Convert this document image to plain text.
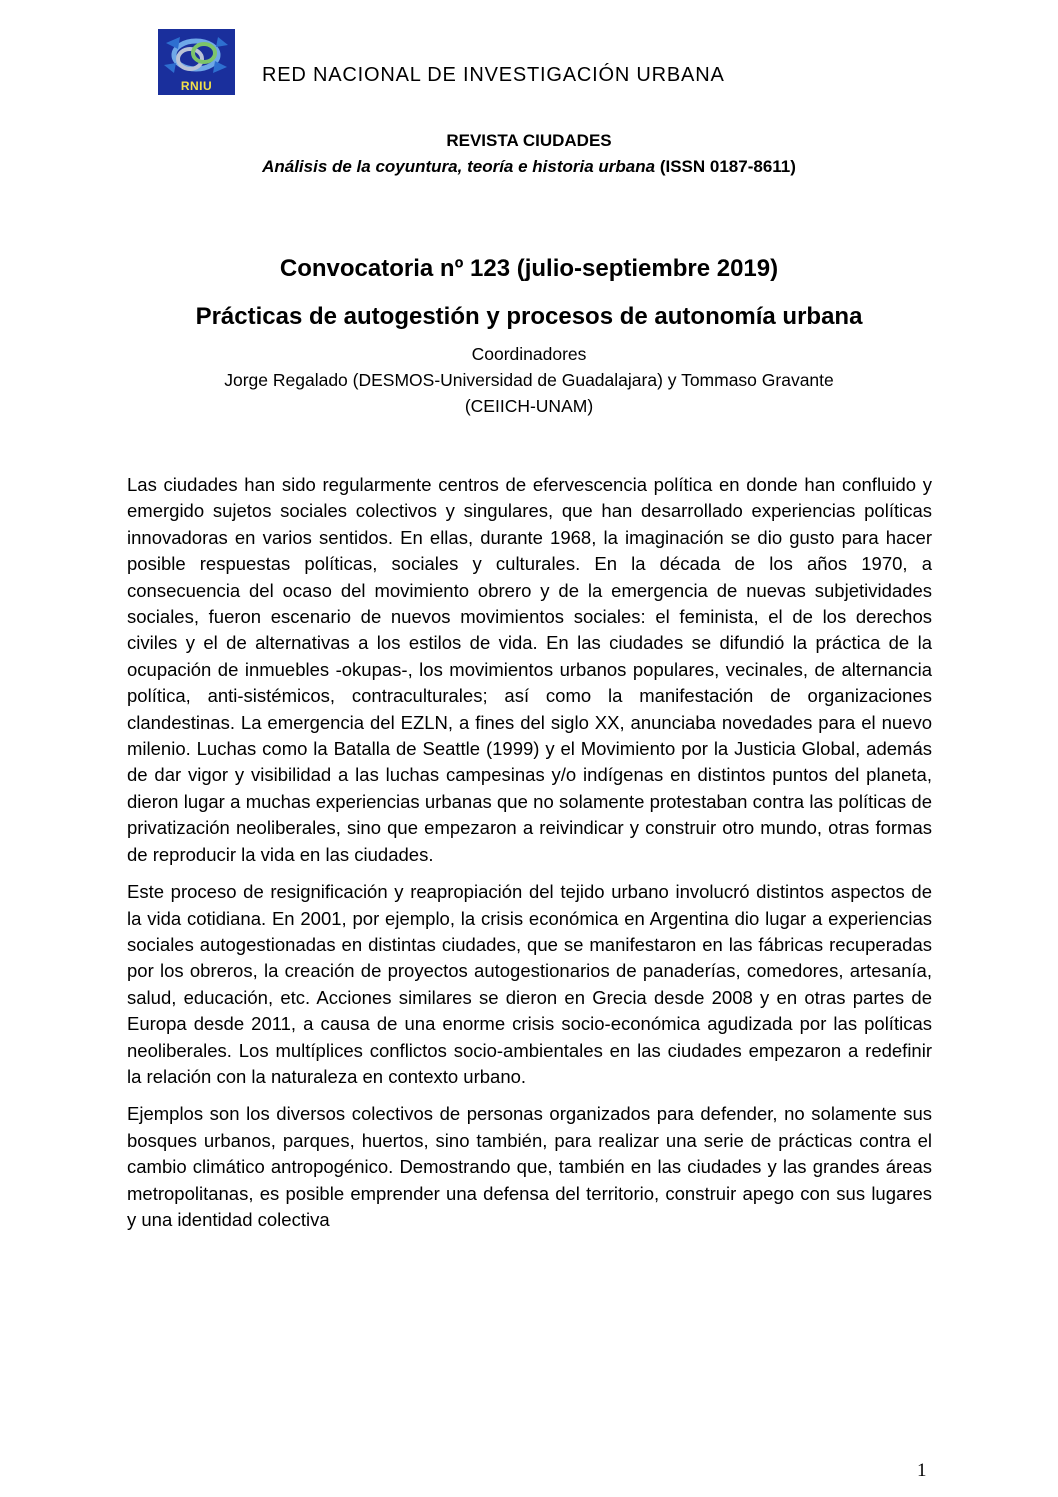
RNIU	RED NACIONAL DE INVESTIGACIÓN URBANA
REVISTA CIUDADES
Análisis de la coyuntura, teoría e historia urbana (ISSN 0187-8611)
Convocatoria nº 123 (julio-septiembre 2019)
Prácticas de autogestión y procesos de autonomía urbana
Coordinadores
Jorge Regalado (DESMOS-Universidad de Guadalajara) y Tommaso Gravante
(CEIICH-UNAM)

Las ciudades han sido regularmente centros de efervescencia política en donde han confluido y emergido sujetos sociales colectivos y singulares, que han desarrollado experiencias políticas innovadoras en varios sentidos. En ellas, durante 1968, la imaginación se dio gusto para hacer posible respuestas políticas, sociales y culturales. En la década de los años 1970, a consecuencia del ocaso del movimiento obrero y de la emergencia de nuevas subjetividades sociales, fueron escenario de nuevos movimientos sociales: el feminista, el de los derechos civiles y el de alternativas a los estilos de vida. En las ciudades se difundió la práctica de la ocupación de inmuebles -okupas-, los movimientos urbanos populares, vecinales, de alternancia política, anti-sistémicos, contraculturales; así como la manifestación de organizaciones clandestinas. La emergencia del EZLN, a fines del siglo XX, anunciaba novedades para el nuevo milenio. Luchas como la Batalla de Seattle (1999) y el Movimiento por la Justicia Global, además de dar vigor y visibilidad a las luchas campesinas y/o indígenas en distintos puntos del planeta, dieron lugar a muchas experiencias urbanas que no solamente protestaban contra las políticas de privatización neoliberales, sino que empezaron a reivindicar y construir otro mundo, otras formas de reproducir la vida en las ciudades.

Este proceso de resignificación y reapropiación del tejido urbano involucró distintos aspectos de la vida cotidiana. En 2001, por ejemplo, la crisis económica en Argentina dio lugar a experiencias sociales autogestionadas en distintas ciudades, que se manifestaron en las fábricas recuperadas por los obreros, la creación de proyectos autogestionarios de panaderías, comedores, artesanía, salud, educación, etc. Acciones similares se dieron en Grecia desde 2008 y en otras partes de Europa desde 2011, a causa de una enorme crisis socio-económica agudizada por las políticas neoliberales. Los multíplices conflictos socio-ambientales en las ciudades empezaron a redefinir la relación con la naturaleza en contexto urbano.

Ejemplos son los diversos colectivos de personas organizados para defender, no solamente sus bosques urbanos, parques, huertos, sino también, para realizar una serie de prácticas contra el cambio climático antropogénico. Demostrando que, también en las ciudades y las grandes áreas metropolitanas, es posible emprender una defensa del territorio, construir apego con sus lugares y una identidad colectiva

1
